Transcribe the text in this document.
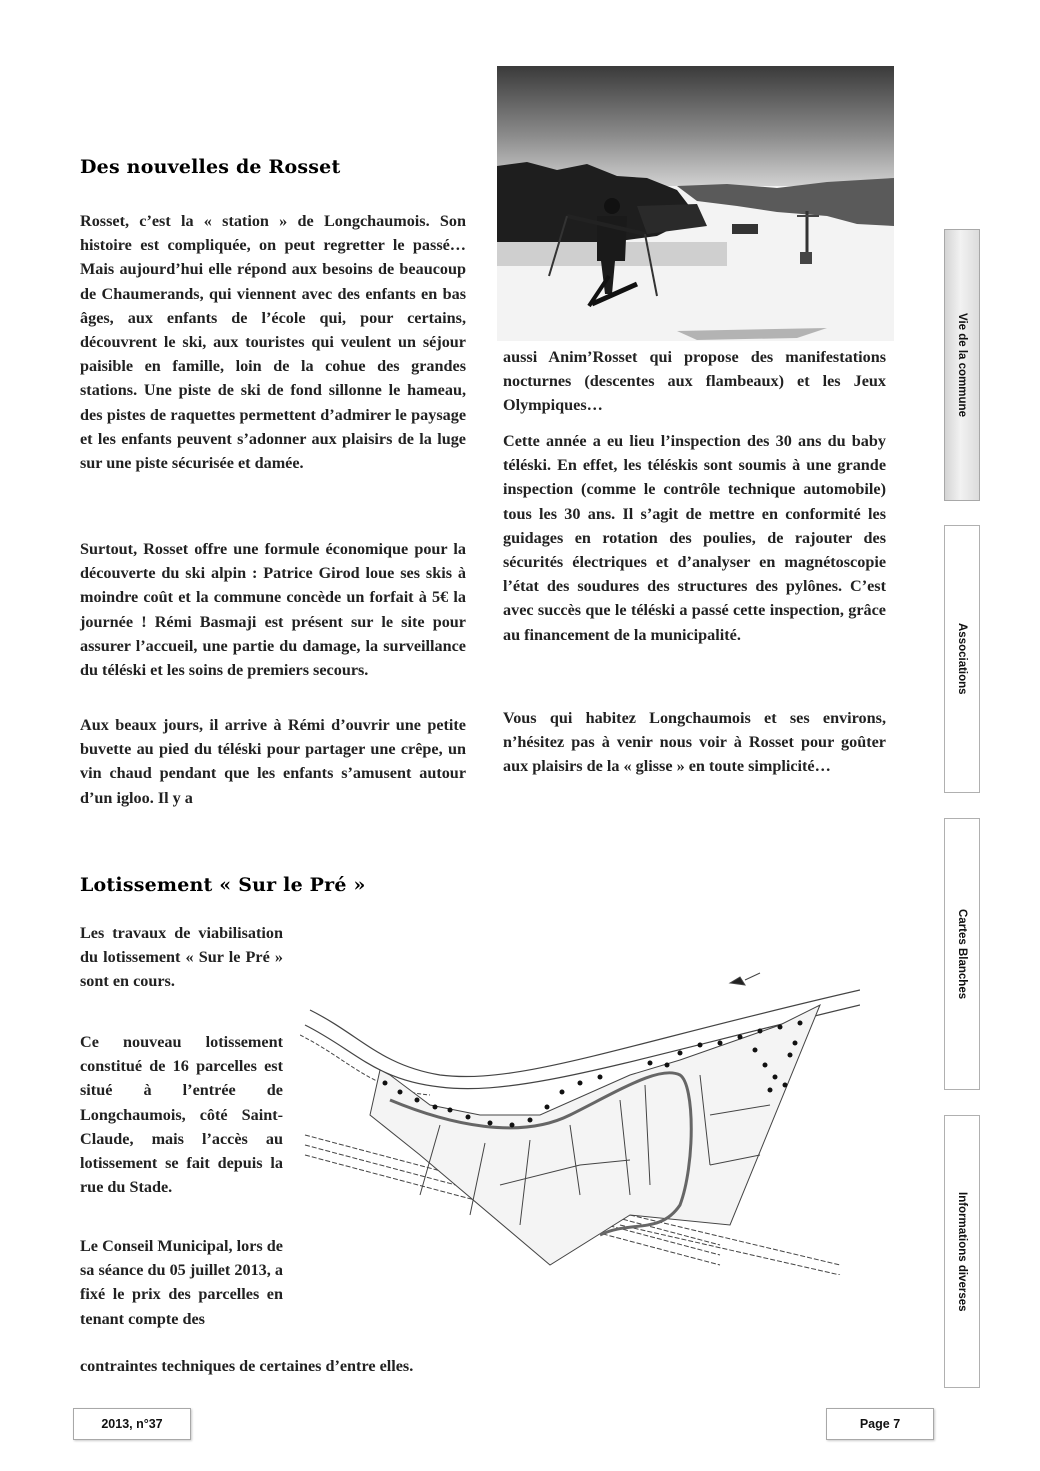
Des nouvelles de Rosset

Rosset, c’est la « station » de Longchaumois. Son histoire est compliquée, on peut regretter le passé… Mais aujourd’hui elle répond aux besoins de beaucoup de Chaumerands, qui viennent avec des enfants en bas âges, aux enfants de l’école qui, pour certains, découvrent le ski, aux touristes qui veulent un séjour paisible en famille, loin de la cohue des grandes stations. Une piste de ski de fond sillonne le hameau, des pistes de raquettes permettent d’admirer le paysage et les enfants peuvent s’adonner aux plaisirs de la luge sur une piste sécurisée et damée.

Surtout, Rosset offre une formule économique pour la découverte du ski alpin : Patrice Girod loue ses skis à moindre coût et la commune concède un forfait à 5€ la journée ! Rémi Basmaji est présent sur le site pour assurer l’accueil, une partie du damage, la surveillance du téléski et les soins de premiers secours.

Aux beaux jours, il arrive à Rémi d’ouvrir une petite buvette au pied du téléski pour partager une crêpe, un vin chaud pendant que les enfants s’amusent autour d’un igloo. Il y a

aussi Anim’Rosset qui propose des manifestations nocturnes (descentes aux flambeaux) et les Jeux Olympiques…

Cette année a eu lieu l’inspection des 30 ans du baby téléski. En effet, les téléskis sont soumis à une grande inspection (comme le contrôle technique automobile) tous les 30 ans. Il s’agit de mettre en conformité les guidages en rotation des poulies, de rajouter des sécurités électriques et d’analyser en magnétoscopie l’état des soudures des structures des pylônes. C’est avec succès que le téléski a passé cette inspection, grâce au financement de la municipalité.

Vous qui habitez Longchaumois et ses environs, n’hésitez pas à venir nous voir à Rosset pour goûter aux plaisirs de la « glisse » en toute simplicité…

Lotissement « Sur le Pré »

Les travaux de viabilisation du lotissement « Sur le Pré » sont en cours.

Ce nouveau lotissement constitué de 16 parcelles est situé à l’entrée de Longchaumois, côté Saint-Claude, mais l’accès au lotissement se fait depuis la rue du Stade.

Le Conseil Municipal, lors de sa séance du 05 juillet 2013, a fixé le prix des parcelles en tenant compte des

contraintes techniques de certaines d’entre elles.

Vie de la commune
Associations
Cartes Blanches
Informations diverses
2013, n°37	Page 7
